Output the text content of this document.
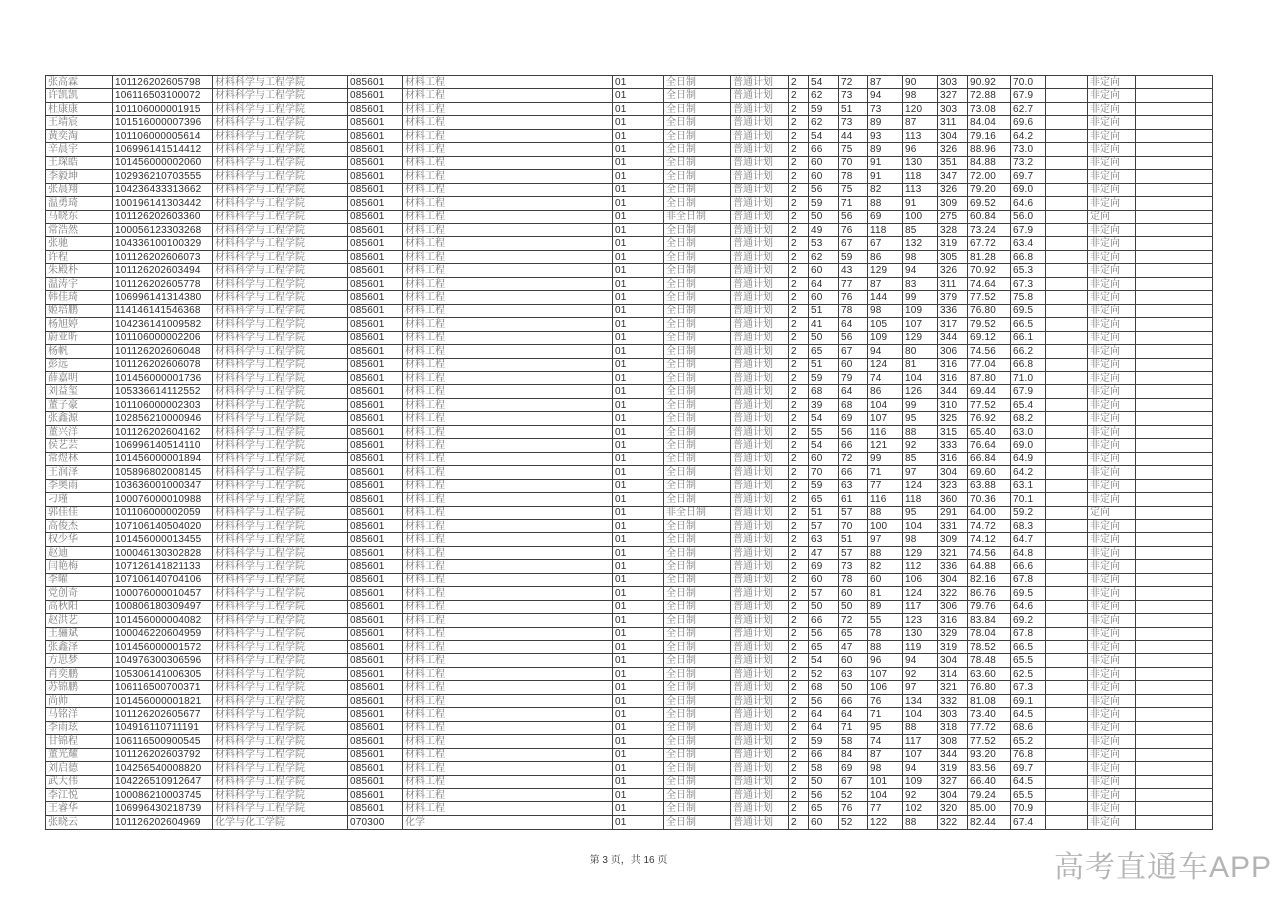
张高霖	101126202605798	材料科学与工程学院	085601	材料工程	01	全日制	普通计划	2	54	72	87	90	303	90.92	70.0		非定向	
许凯凯	106116503100072	材料科学与工程学院	085601	材料工程	01	全日制	普通计划	2	62	73	94	98	327	72.88	67.9		非定向	
杜康康	101106000001915	材料科学与工程学院	085601	材料工程	01	全日制	普通计划	2	59	51	73	120	303	73.08	62.7		非定向	
王靖宸	101516000007396	材料科学与工程学院	085601	材料工程	01	全日制	普通计划	2	62	73	89	87	311	84.04	69.6		非定向	
黄奕淘	101106000005614	材料科学与工程学院	085601	材料工程	01	全日制	普通计划	2	54	44	93	113	304	79.16	64.2		非定向	
辛晨宇	106996141514412	材料科学与工程学院	085601	材料工程	01	全日制	普通计划	2	66	75	89	96	326	88.96	73.0		非定向	
王琛皓	101456000002060	材料科学与工程学院	085601	材料工程	01	全日制	普通计划	2	60	70	91	130	351	84.88	73.2		非定向	
李毅坤	102936210703555	材料科学与工程学院	085601	材料工程	01	全日制	普通计划	2	60	78	91	118	347	72.00	69.7		非定向	
张晨翔	104236433313662	材料科学与工程学院	085601	材料工程	01	全日制	普通计划	2	56	75	82	113	326	79.20	69.0		非定向	
温勇琦	100196141303442	材料科学与工程学院	085601	材料工程	01	全日制	普通计划	2	59	71	88	91	309	69.52	64.6		非定向	
马晓东	101126202603360	材料科学与工程学院	085601	材料工程	01	非全日制	普通计划	2	50	56	69	100	275	60.84	56.0		定向	
常浩然	100056123303268	材料科学与工程学院	085601	材料工程	01	全日制	普通计划	2	49	76	118	85	328	73.24	67.9		非定向	
张驰	104336100100329	材料科学与工程学院	085601	材料工程	01	全日制	普通计划	2	53	67	67	132	319	67.72	63.4		非定向	
许程	101126202606073	材料科学与工程学院	085601	材料工程	01	全日制	普通计划	2	62	59	86	98	305	81.28	66.8		非定向	
朱殿朴	101126202603494	材料科学与工程学院	085601	材料工程	01	全日制	普通计划	2	60	43	129	94	326	70.92	65.3		非定向	
温涛宇	101126202605778	材料科学与工程学院	085601	材料工程	01	全日制	普通计划	2	64	77	87	83	311	74.64	67.3		非定向	
韩佳琦	106996141314380	材料科学与工程学院	085601	材料工程	01	全日制	普通计划	2	60	76	144	99	379	77.52	75.8		非定向	
姬培鹏	114146141546368	材料科学与工程学院	085601	材料工程	01	全日制	普通计划	2	51	78	98	109	336	76.80	69.5		非定向	
杨旭婷	104236141009582	材料科学与工程学院	085601	材料工程	01	全日制	普通计划	2	41	64	105	107	317	79.52	66.5		非定向	
蔚亚昕	101106000002206	材料科学与工程学院	085601	材料工程	01	全日制	普通计划	2	50	56	109	129	344	69.12	66.1		非定向	
杨帆	101126202606048	材料科学与工程学院	085601	材料工程	01	全日制	普通计划	2	65	67	94	80	306	74.56	66.2		非定向	
彭远	101126202606078	材料科学与工程学院	085601	材料工程	01	全日制	普通计划	2	51	60	124	81	316	77.04	66.8		非定向	
薛嘉明	101456000001736	材料科学与工程学院	085601	材料工程	01	全日制	普通计划	2	59	79	74	104	316	87.80	71.0		非定向	
刘益玺	105336614112552	材料科学与工程学院	085601	材料工程	01	全日制	普通计划	2	68	64	86	126	344	69.44	67.9		非定向	
董子豪	101106000002303	材料科学与工程学院	085601	材料工程	01	全日制	普通计划	2	39	68	104	99	310	77.52	65.4		非定向	
张鑫源	102856210000946	材料科学与工程学院	085601	材料工程	01	全日制	普通计划	2	54	69	107	95	325	76.92	68.2		非定向	
董兴洋	101126202604162	材料科学与工程学院	085601	材料工程	01	全日制	普通计划	2	55	56	116	88	315	65.40	63.0		非定向	
侯艺芸	106996140514110	材料科学与工程学院	085601	材料工程	01	全日制	普通计划	2	54	66	121	92	333	76.64	69.0		非定向	
常煜林	101456000001894	材料科学与工程学院	085601	材料工程	01	全日制	普通计划	2	60	72	99	85	316	66.84	64.9		非定向	
王润泽	105896802008145	材料科学与工程学院	085601	材料工程	01	全日制	普通计划	2	70	66	71	97	304	69.60	64.2		非定向	
李奥雨	103636001000347	材料科学与工程学院	085601	材料工程	01	全日制	普通计划	2	59	63	77	124	323	63.88	63.1		非定向	
刁瑾	100076000010988	材料科学与工程学院	085601	材料工程	01	全日制	普通计划	2	65	61	116	118	360	70.36	70.1		非定向	
郭佳佳	101106000002059	材料科学与工程学院	085601	材料工程	01	非全日制	普通计划	2	51	57	88	95	291	64.00	59.2		定向	
高俊杰	107106140504020	材料科学与工程学院	085601	材料工程	01	全日制	普通计划	2	57	70	100	104	331	74.72	68.3		非定向	
权少华	101456000013455	材料科学与工程学院	085601	材料工程	01	全日制	普通计划	2	63	51	97	98	309	74.12	64.7		非定向	
赵迪	100046130302828	材料科学与工程学院	085601	材料工程	01	全日制	普通计划	2	47	57	88	129	321	74.56	64.8		非定向	
闫艳梅	107126141821133	材料科学与工程学院	085601	材料工程	01	全日制	普通计划	2	69	73	82	112	336	64.88	66.6		非定向	
李曜	107106140704106	材料科学与工程学院	085601	材料工程	01	全日制	普通计划	2	60	78	60	106	304	82.16	67.8		非定向	
党创奇	100076000010457	材料科学与工程学院	085601	材料工程	01	全日制	普通计划	2	57	60	81	124	322	86.76	69.5		非定向	
高秋阳	100806180309497	材料科学与工程学院	085601	材料工程	01	全日制	普通计划	2	50	50	89	117	306	79.76	64.6		非定向	
赵洪艺	101456000004082	材料科学与工程学院	085601	材料工程	01	全日制	普通计划	2	66	72	55	123	316	83.84	69.2		非定向	
王骊斌	100046220604959	材料科学与工程学院	085601	材料工程	01	全日制	普通计划	2	56	65	78	130	329	78.04	67.8		非定向	
张鑫泽	101456000001572	材料科学与工程学院	085601	材料工程	01	全日制	普通计划	2	65	47	88	119	319	78.52	66.5		非定向	
方思梦	104976300306596	材料科学与工程学院	085601	材料工程	01	全日制	普通计划	2	54	60	96	94	304	78.48	65.5		非定向	
肖奕鹏	105306141006305	材料科学与工程学院	085601	材料工程	01	全日制	普通计划	2	52	63	107	92	314	63.60	62.5		非定向	
苏锦鹏	106116500700371	材料科学与工程学院	085601	材料工程	01	全日制	普通计划	2	68	50	106	97	321	76.80	67.3		非定向	
尚帅	101456000001821	材料科学与工程学院	085601	材料工程	01	全日制	普通计划	2	56	66	76	134	332	81.08	69.1		非定向	
马铭洋	101126202605677	材料科学与工程学院	085601	材料工程	01	全日制	普通计划	2	64	64	71	104	303	73.40	64.5		非定向	
李雨玹	104916110711191	材料科学与工程学院	085601	材料工程	01	全日制	普通计划	2	64	71	95	88	318	77.72	68.6		非定向	
甘锦程	106116500900545	材料科学与工程学院	085601	材料工程	01	全日制	普通计划	2	59	58	74	117	308	77.52	65.2		非定向	
董光耀	101126202603792	材料科学与工程学院	085601	材料工程	01	全日制	普通计划	2	66	84	87	107	344	93.20	76.8		非定向	
刘启德	104256540008820	材料科学与工程学院	085601	材料工程	01	全日制	普通计划	2	58	69	98	94	319	83.56	69.7		非定向	
武大伟	104226510912647	材料科学与工程学院	085601	材料工程	01	全日制	普通计划	2	50	67	101	109	327	66.40	64.5		非定向	
李江悦	100086210003745	材料科学与工程学院	085601	材料工程	01	全日制	普通计划	2	56	52	104	92	304	79.24	65.5		非定向	
王睿华	106996430218739	材料科学与工程学院	085601	材料工程	01	全日制	普通计划	2	65	76	77	102	320	85.00	70.9		非定向	
张晓云	101126202604969	化学与化工学院	070300	化学	01	全日制	普通计划	2	60	52	122	88	322	82.44	67.4		非定向	
第 3 页，共 16 页	高考直通车APP
